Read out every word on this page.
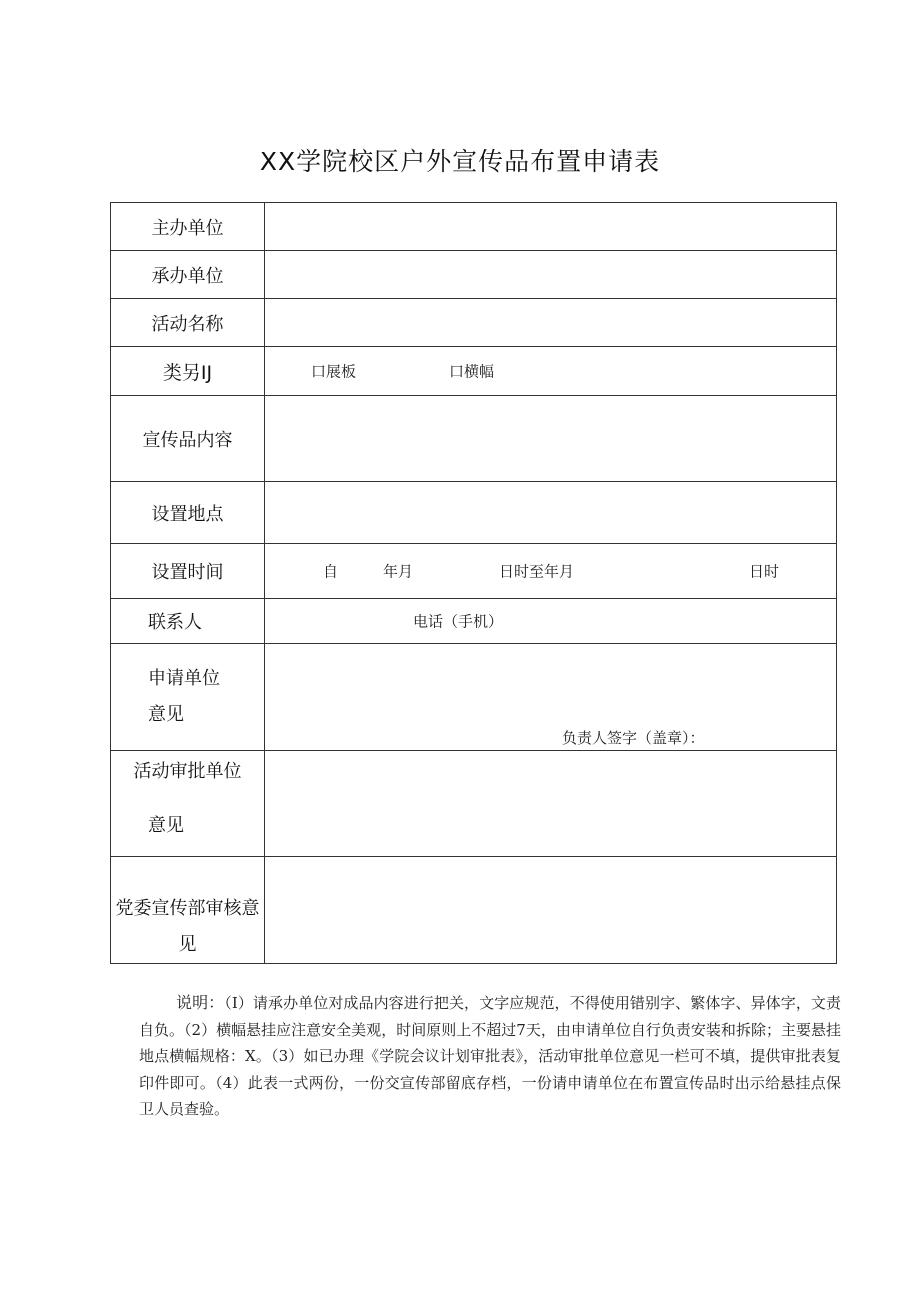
XX学院校区户外宣传品布置申请表
主办单位	
承办单位	
活动名称	
类另IJ	口展板 口横幅

宣传品内容	
设置地点	
设置时间	自 年月 日时至年月 日时

联系人	电话（手机）

申请单位
意见	负责人签字（盖章）：

活动审批单位
意见	

党委宣传部审核意
见	

说明：（I）请承办单位对成品内容进行把关，文字应规范，不得使用错别字、繁体字、异体字，文责自负。（2）横幅悬挂应注意安全美观，时间原则上不超过7天，由申请单位自行负责安装和拆除；主要悬挂地点横幅规格：X。（3）如已办理《学院会议计划审批表》，活动审批单位意见一栏可不填，提供审批表复印件即可。（4）此表一式两份，一份交宣传部留底存档，一份请申请单位在布置宣传品时出示给悬挂点保卫人员查验。
